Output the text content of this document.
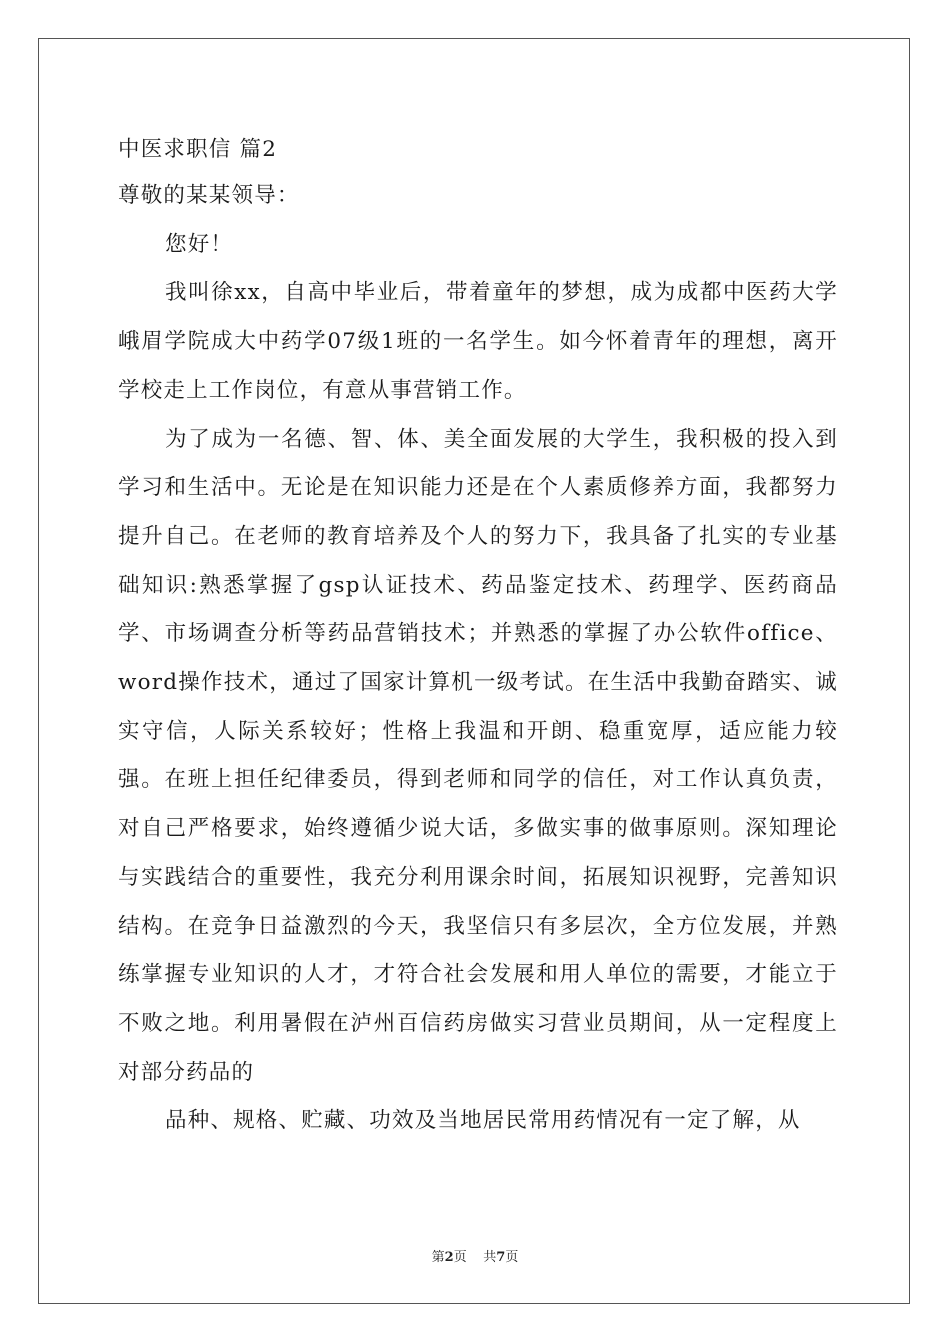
中医求职信 篇2

尊敬的某某领导：

您好！

我叫徐xx，自高中毕业后，带着童年的梦想，成为成都中医药大学峨眉学院成大中药学07级1班的一名学生。如今怀着青年的理想，离开学校走上工作岗位，有意从事营销工作。

为了成为一名德、智、体、美全面发展的大学生，我积极的投入到学习和生活中。无论是在知识能力还是在个人素质修养方面，我都努力提升自己。在老师的教育培养及个人的努力下，我具备了扎实的专业基础知识:熟悉掌握了gsp认证技术、药品鉴定技术、药理学、医药商品学、市场调查分析等药品营销技术；并熟悉的掌握了办公软件office、word操作技术，通过了国家计算机一级考试。在生活中我勤奋踏实、诚实守信，人际关系较好；性格上我温和开朗、稳重宽厚，适应能力较强。在班上担任纪律委员，得到老师和同学的信任，对工作认真负责，对自己严格要求，始终遵循少说大话，多做实事的做事原则。深知理论与实践结合的重要性，我充分利用课余时间，拓展知识视野，完善知识结构。在竞争日益激烈的今天，我坚信只有多层次，全方位发展，并熟练掌握专业知识的人才，才符合社会发展和用人单位的需要，才能立于不败之地。利用暑假在泸州百信药房做实习营业员期间，从一定程度上对部分药品的

品种、规格、贮藏、功效及当地居民常用药情况有一定了解，从

第2页 共7页
